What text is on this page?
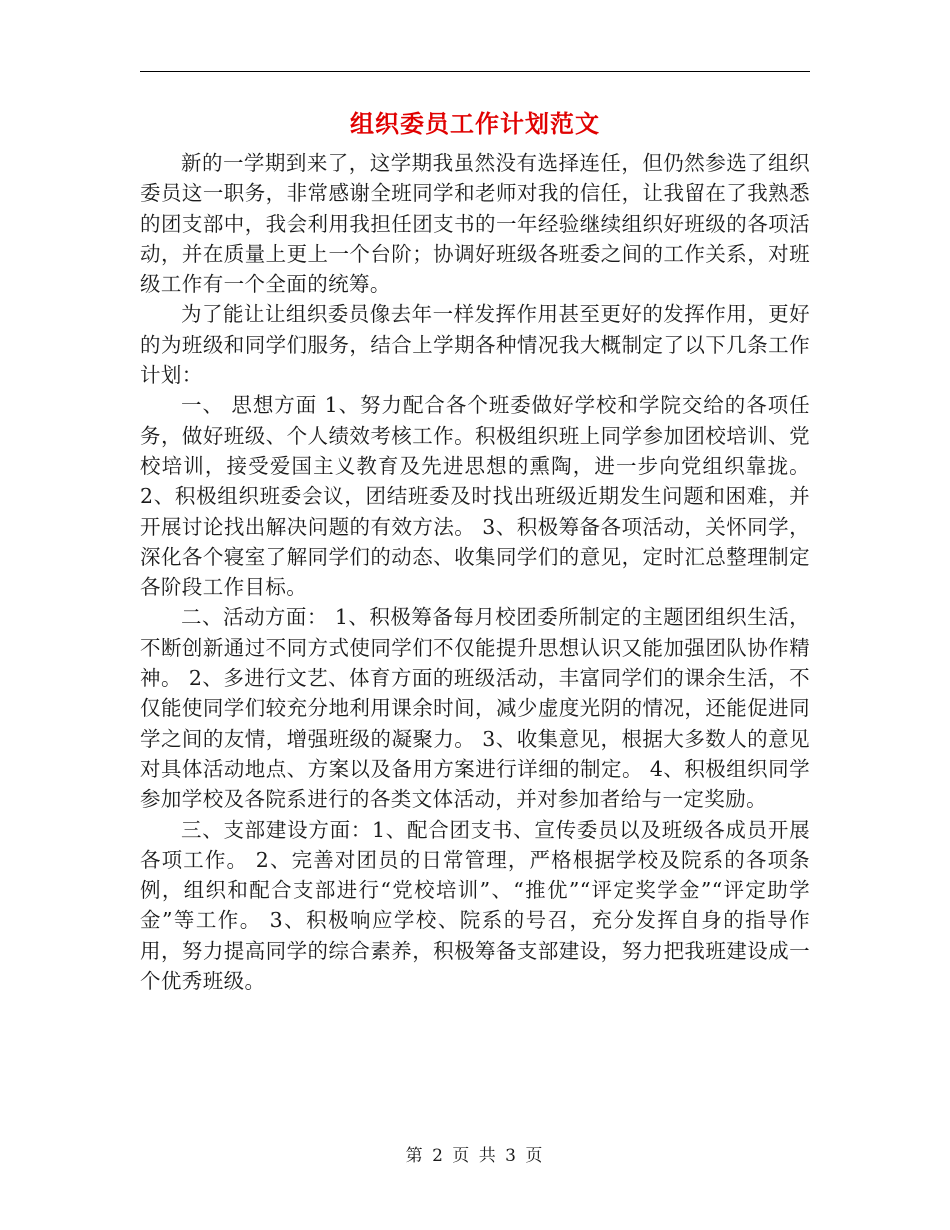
组织委员工作计划范文

新的一学期到来了，这学期我虽然没有选择连任，但仍然参选了组织委员这一职务，非常感谢全班同学和老师对我的信任，让我留在了我熟悉的团支部中，我会利用我担任团支书的一年经验继续组织好班级的各项活动，并在质量上更上一个台阶；协调好班级各班委之间的工作关系，对班级工作有一个全面的统筹。

为了能让让组织委员像去年一样发挥作用甚至更好的发挥作用，更好的为班级和同学们服务，结合上学期各种情况我大概制定了以下几条工作计划：

一、 思想方面 1、努力配合各个班委做好学校和学院交给的各项任务，做好班级、个人绩效考核工作。积极组织班上同学参加团校培训、党校培训，接受爱国主义教育及先进思想的熏陶，进一步向党组织靠拢。 2、积极组织班委会议，团结班委及时找出班级近期发生问题和困难，并开展讨论找出解决问题的有效方法。 3、积极筹备各项活动，关怀同学，深化各个寝室了解同学们的动态、收集同学们的意见，定时汇总整理制定各阶段工作目标。

二、活动方面： 1、积极筹备每月校团委所制定的主题团组织生活，不断创新通过不同方式使同学们不仅能提升思想认识又能加强团队协作精神。 2、多进行文艺、体育方面的班级活动，丰富同学们的课余生活，不仅能使同学们较充分地利用课余时间，减少虚度光阴的情况，还能促进同学之间的友情，增强班级的凝聚力。 3、收集意见，根据大多数人的意见对具体活动地点、方案以及备用方案进行详细的制定。 4、积极组织同学参加学校及各院系进行的各类文体活动，并对参加者给与一定奖励。

三、支部建设方面：1、配合团支书、宣传委员以及班级各成员开展各项工作。 2、完善对团员的日常管理，严格根据学校及院系的各项条例，组织和配合支部进行“党校培训”、“推优”“评定奖学金”“评定助学金”等工作。 3、积极响应学校、院系的号召，充分发挥自身的指导作用，努力提高同学的综合素养，积极筹备支部建设，努力把我班建设成一个优秀班级。

第 2 页 共 3 页
